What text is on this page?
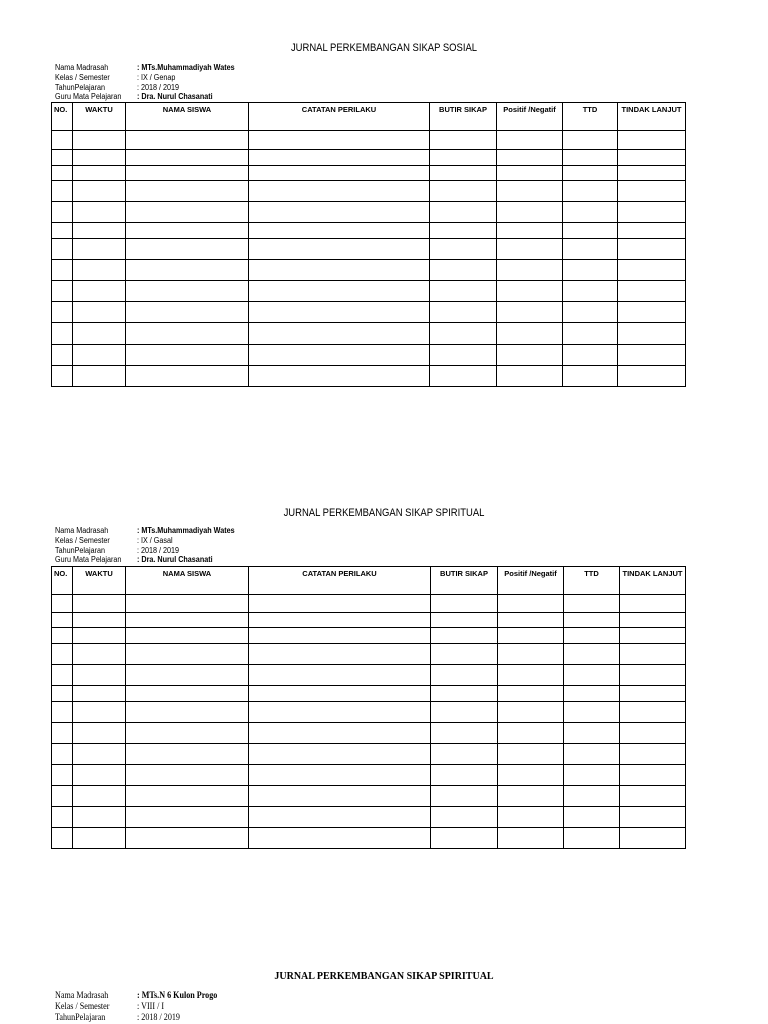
JURNAL PERKEMBANGAN SIKAP SOSIAL
Nama Madrasah	: MTs.Muhammadiyah Wates
Kelas / Semester	: IX / Genap
TahunPelajaran	: 2018 / 2019
Guru Mata Pelajaran : Dra. Nurul Chasanati
NO.	WAKTU	NAMA SISWA	CATATAN PERILAKU	BUTIR SIKAP	Positif /Negatif	TTD	TINDAK LANJUT

JURNAL PERKEMBANGAN SIKAP SPIRITUAL
Nama Madrasah	: MTs.Muhammadiyah Wates
Kelas / Semester	: IX / Gasal
TahunPelajaran	: 2018 / 2019
Guru Mata Pelajaran : Dra. Nurul Chasanati
NO.	WAKTU	NAMA SISWA	CATATAN PERILAKU	BUTIR SIKAP	Positif /Negatif	TTD	TINDAK LANJUT

JURNAL PERKEMBANGAN SIKAP SPIRITUAL
Nama Madrasah	: MTs.N 6 Kulon Progo
Kelas / Semester	: VIII / I
TahunPelajaran	: 2018 / 2019
